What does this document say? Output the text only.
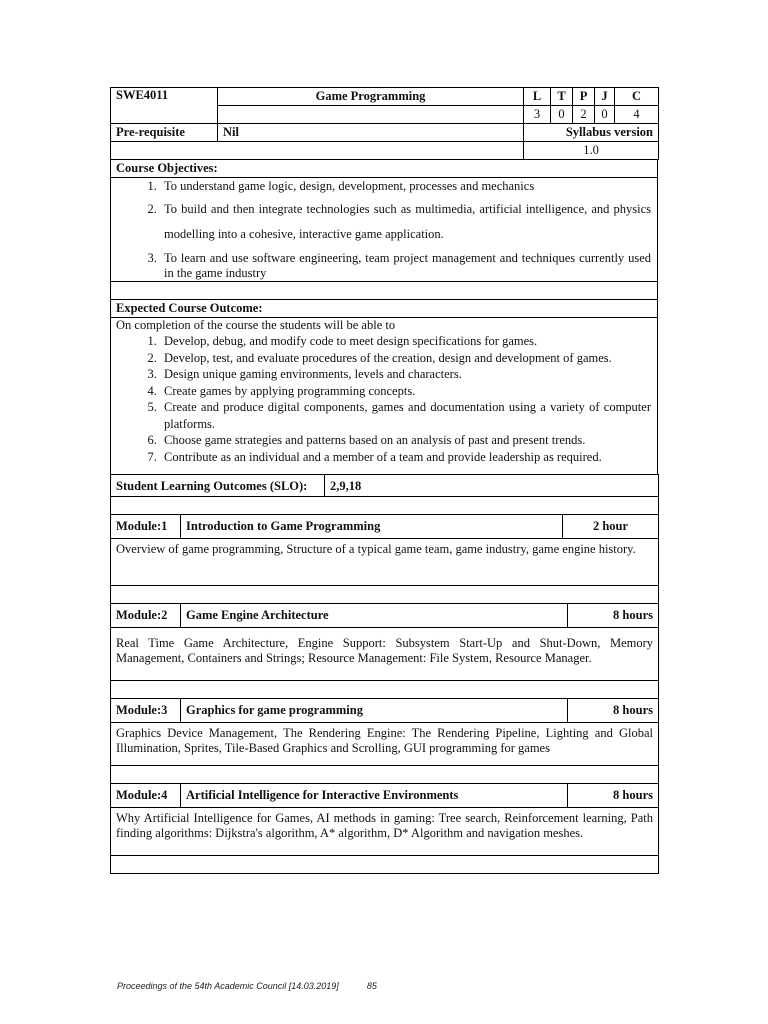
SWE4011	Game Programming	L	T	P	J	C
		3	0	2	0	4
Pre-requisite	Nil	Syllabus version
		1.0
Course Objectives:

1. To understand game logic, design, development, processes and mechanics
2. To build and then integrate technologies such as multimedia, artificial intelligence, and physics modelling into a cohesive, interactive game application.
3. To learn and use software engineering, team project management and techniques currently used in the game industry

Expected Course Outcome:

On completion of the course the students will be able to
1. Develop, debug, and modify code to meet design specifications for games.
2. Develop, test, and evaluate procedures of the creation, design and development of games.
3. Design unique gaming environments, levels and characters.
4. Create games by applying programming concepts.
5. Create and produce digital components, games and documentation using a variety of computer platforms.
6. Choose game strategies and patterns based on an analysis of past and present trends.
7. Contribute as an individual and a member of a team and provide leadership as required.
Student Learning Outcomes (SLO):	2,9,18

Module:1	Introduction to Game Programming	2 hour
Overview of game programming, Structure of a typical game team, game industry, game engine history.

Module:2	Game Engine Architecture	8 hours
Real Time Game Architecture, Engine Support: Subsystem Start-Up and Shut-Down, Memory Management, Containers and Strings; Resource Management: File System, Resource Manager.

Module:3	Graphics for game programming	8 hours
Graphics Device Management, The Rendering Engine: The Rendering Pipeline, Lighting and Global Illumination, Sprites, Tile-Based Graphics and Scrolling, GUI programming for games

Module:4	Artificial Intelligence for Interactive Environments	8 hours
Why Artificial Intelligence for Games, AI methods in gaming: Tree search, Reinforcement learning, Path finding algorithms: Dijkstra's algorithm, A* algorithm, D* Algorithm and navigation meshes.

Proceedings of the 54th Academic Council [14.03.2019]	85
